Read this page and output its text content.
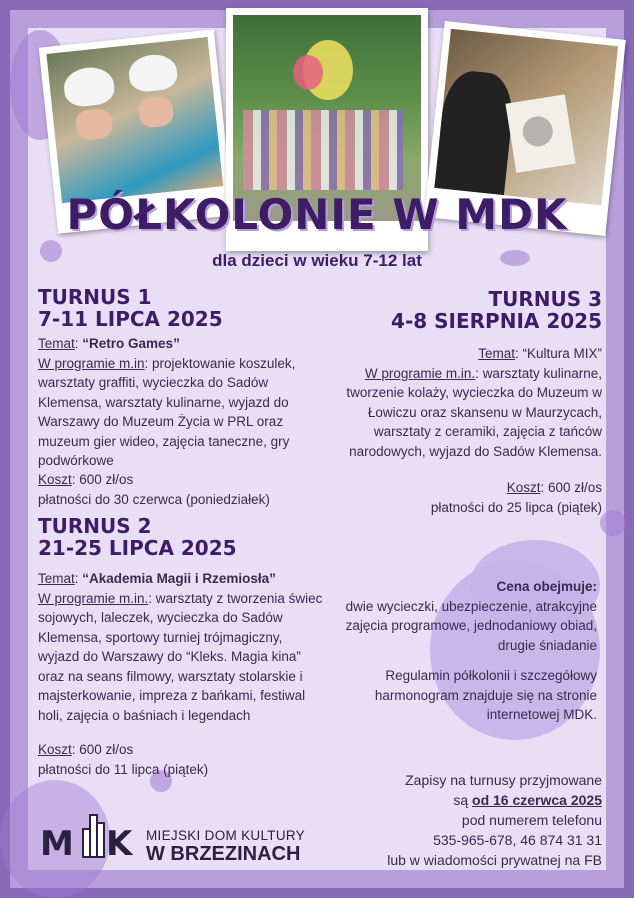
PÓŁKOLONIE W MDK
dla dzieci w wieku 7-12 lat
TURNUS 1
7-11 LIPCA 2025
Temat: “Retro Games”
W programie m.in: projektowanie koszulek, warsztaty graffiti, wycieczka do Sadów Klemensa, warsztaty kulinarne, wyjazd do Warszawy do Muzeum Życia w PRL oraz muzeum gier wideo, zajęcia taneczne, gry podwórkowe
Koszt: 600 zł/os
płatności do 30 czerwca (poniedziałek)
TURNUS 3
4-8 SIERPNIA 2025
Temat: “Kultura MIX”
W programie m.in.: warsztaty kulinarne, tworzenie kolaży, wycieczka do Muzeum w Łowiczu oraz skansenu w Maurzycach, warsztaty z ceramiki, zajęcia z tańców narodowych, wyjazd do Sadów Klemensa.
Koszt: 600 zł/os
płatności do 25 lipca (piątek)
TURNUS 2
21-25 LIPCA 2025
Temat: “Akademia Magii i Rzemiosła”
W programie m.in.: warsztaty z tworzenia świec sojowych, laleczek, wycieczka do Sadów Klemensa, sportowy turniej trójmagiczny, wyjazd do Warszawy do “Kleks. Magia kina” oraz na seans filmowy, warsztaty stolarskie i majsterkowanie, impreza z bańkami, festiwal holi, zajęcia o baśniach i legendach
Koszt: 600 zł/os
płatności do 11 lipca (piątek)
Cena obejmuje:
dwie wycieczki, ubezpieczenie, atrakcyjne zajęcia programowe, jednodaniowy obiad, drugie śniadanie
Regulamin półkolonii i szczegółowy harmonogram znajduje się na stronie internetowej MDK.
Zapisy na turnusy przyjmowane
są od 16 czerwca 2025
pod numerem telefonu
535-965-678, 46 874 31 31
lub w wiadomości prywatnej na FB
M K MIEJSKI DOM KULTURY
W BRZEZINACH
